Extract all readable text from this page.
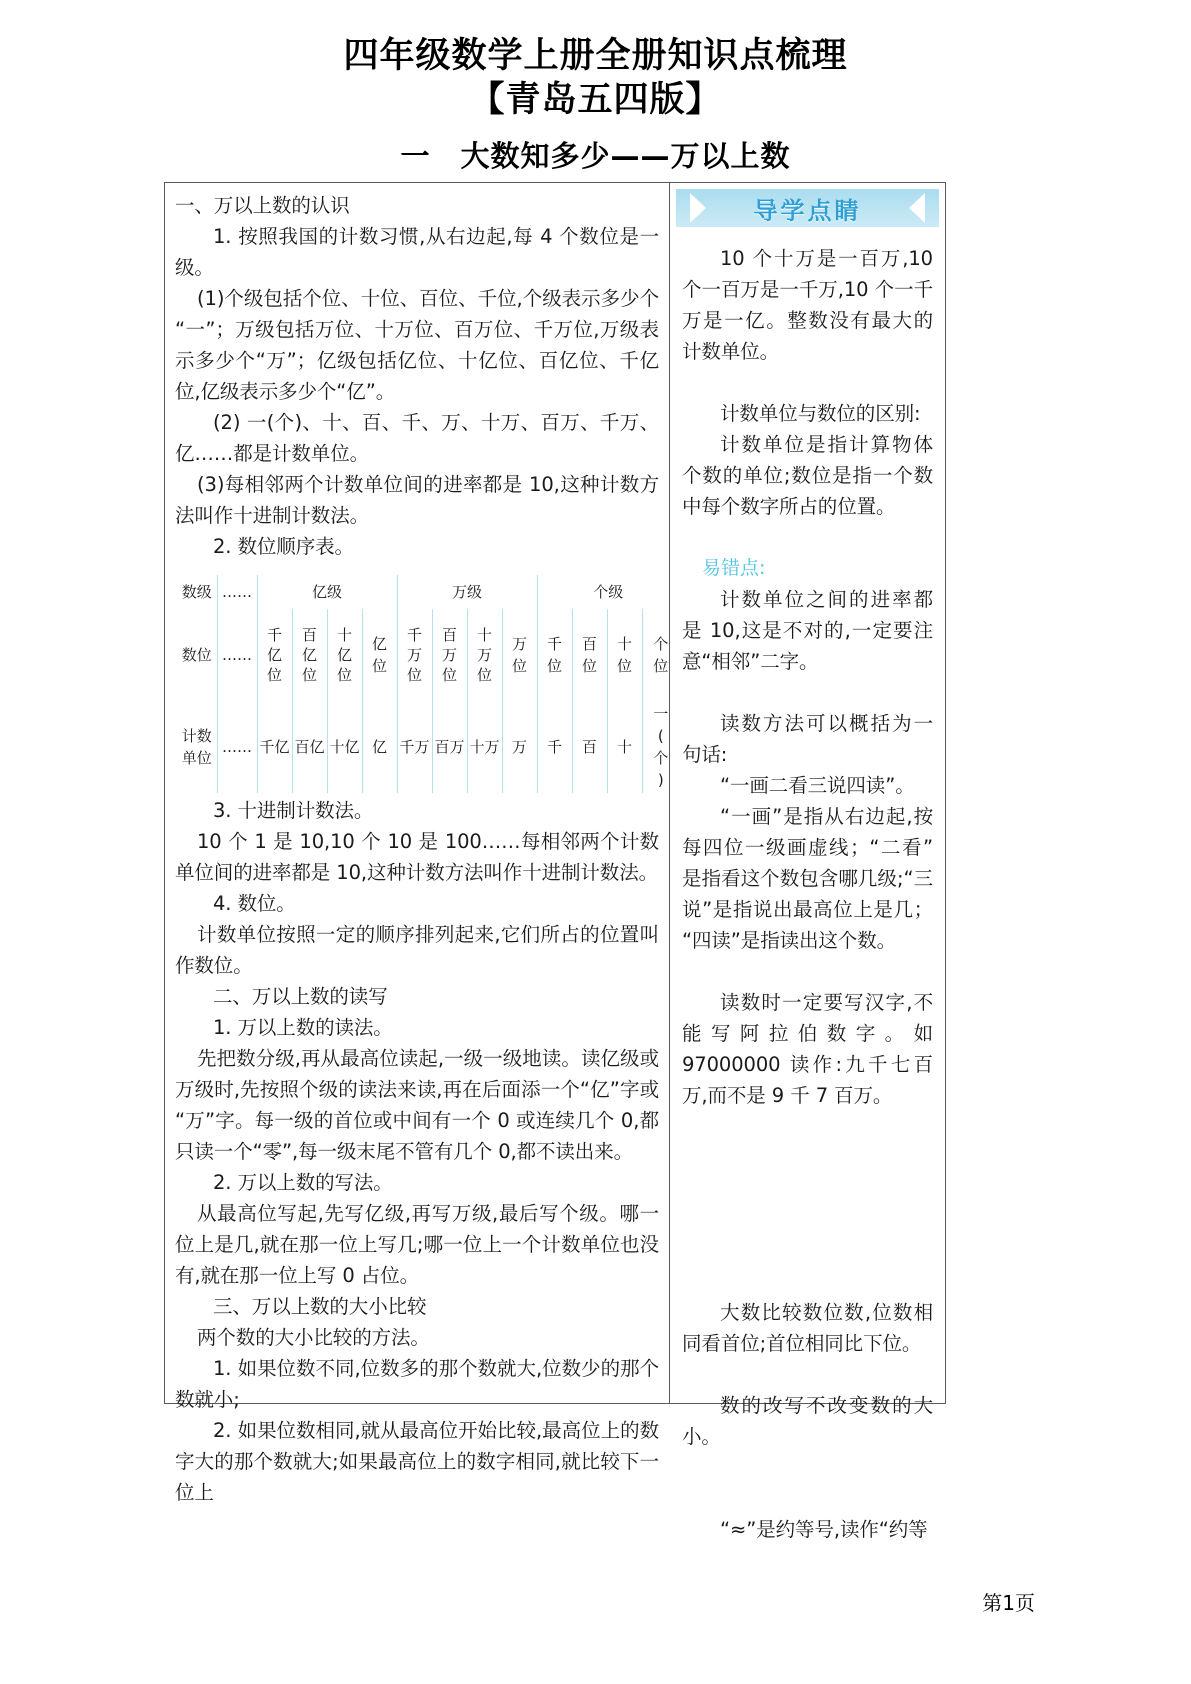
四年级数学上册全册知识点梳理
【青岛五四版】
一 大数知多少——万以上数

一、万以上数的认识

1. 按照我国的计数习惯,从右边起,每 4 个数位是一级。

(1)个级包括个位、十位、百位、千位,个级表示多少个“一”；万级包括万位、十万位、百万位、千万位,万级表示多少个“万”；亿级包括亿位、十亿位、百亿位、千亿位,亿级表示多少个“亿”。

(2) 一(个)、十、百、千、万、十万、百万、千万、亿……都是计数单位。

(3)每相邻两个计数单位间的进率都是 10,这种计数方法叫作十进制计数法。

2. 数位顺序表。

数级	……	亿级				万级				个级			
数位	……	千
亿
位	百
亿
位	十
亿
位	亿
位	千
万
位	百
万
位	十
万
位	万
位	千
位	百
位	十
位	个
位

计数
单位	……	千亿	百亿	十亿	亿	千万	百万	十万	万	千	百	十	一
(
个
)

3. 十进制计数法。

10 个 1 是 10,10 个 10 是 100……每相邻两个计数单位间的进率都是 10,这种计数方法叫作十进制计数法。

4. 数位。

计数单位按照一定的顺序排列起来,它们所占的位置叫作数位。

二、万以上数的读写

1. 万以上数的读法。

先把数分级,再从最高位读起,一级一级地读。读亿级或万级时,先按照个级的读法来读,再在后面添一个“亿”字或“万”字。每一级的首位或中间有一个 0 或连续几个 0,都只读一个“零”,每一级末尾不管有几个 0,都不读出来。

2. 万以上数的写法。

从最高位写起,先写亿级,再写万级,最后写个级。哪一位上是几,就在那一位上写几;哪一位上一个计数单位也没有,就在那一位上写 0 占位。

三、万以上数的大小比较

两个数的大小比较的方法。

1. 如果位数不同,位数多的那个数就大,位数少的那个数就小;

2. 如果位数相同,就从最高位开始比较,最高位上的数字大的那个数就大;如果最高位上的数字相同,就比较下一位上

导学点睛

10 个十万是一百万,10 个一百万是一千万,10 个一千万是一亿。整数没有最大的计数单位。

计数单位与数位的区别:

计数单位是指计算物体个数的单位;数位是指一个数中每个数字所占的位置。

易错点:

计数单位之间的进率都是 10,这是不对的,一定要注意“相邻”二字。

读数方法可以概括为一句话:

“一画二看三说四读”。

“一画”是指从右边起,按每四位一级画虚线；“二看”是指看这个数包含哪几级;“三说”是指说出最高位上是几；“四读”是指读出这个数。

读数时一定要写汉字,不能写阿拉伯数字。如 97000000 读作:九千七百万,而不是 9 千 7 百万。

大数比较数位数,位数相同看首位;首位相同比下位。

数的改写不改变数的大小。

“≈”是约等号,读作“约等

第1页
